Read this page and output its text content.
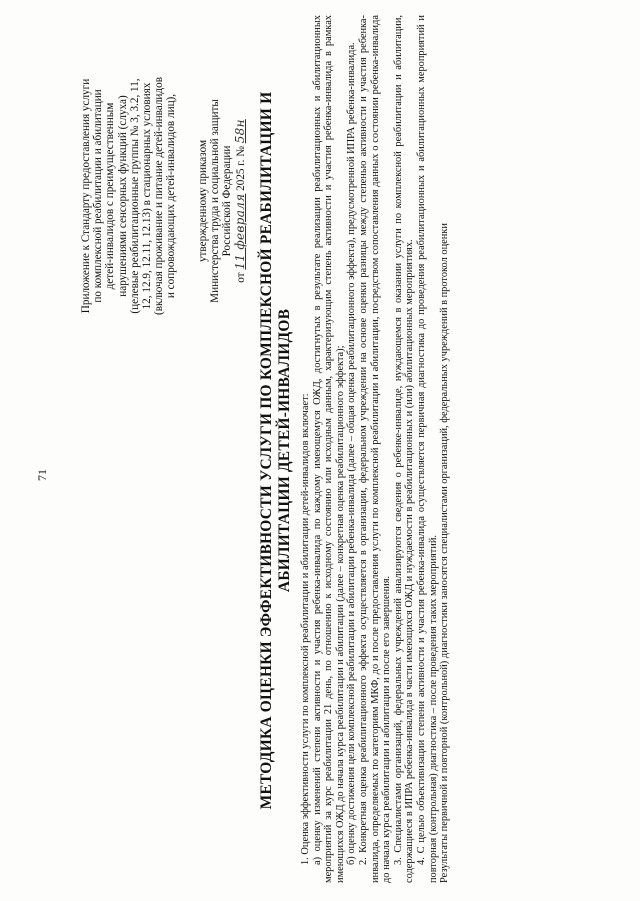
71
Приложение к Стандарту предоставления услуги по комплексной реабилитации и абилитации детей-инвалидов с преимущественным нарушениями сенсорных функций (слуха) (целевые реабилитационные группы № 3, 3.2, 11, 12, 12.9, 12.11, 12.13) в стационарных условиях (включая проживание и питание детей-инвалидов и сопровождающих детей-инвалидов лиц), утвержденному приказом Министерства труда и социальной защиты Российской Федерации
от 11 февраля 2025 г. № 58н МЕТОДИКА ОЦЕНКИ ЭФФЕКТИВНОСТИ УСЛУГИ ПО КОМПЛЕКСНОЙ РЕАБИЛИТАЦИИ И АБИЛИТАЦИИ ДЕТЕЙ-ИНВАЛИДОВ 1. Оценка эффективности услуги по комплексной реабилитации и абилитации детей-инвалидов включает: а) оценку изменений степени активности и участия ребенка-инвалида по каждому имеющемуся ОЖД, достигнутых в результате реализации реабилитационных и абилитационных мероприятий за курс реабилитации 21 день, по отношению к исходному состоянию или исходным данным, характеризующим степень активности и участия ребенка-инвалида в рамках имеющихся ОЖД до начала курса реабилитации и абилитации (далее – конкретная оценка реабилитационного эффекта); б) оценку достижения цели комплексной реабилитации и абилитации ребенка-инвалида (далее – общая оценка реабилитационного эффекта), предусмотренной ИПРА ребенка-инвалида. 2. Конкретная оценка реабилитационного эффекта осуществляется в организации, федеральном учреждении на основе оценки разницы между степенью активности и участия ребенка-инвалида, определяемых по категориям МКФ, до и после предоставления услуги по комплексной реабилитации и абилитации, посредством сопоставления данных о состоянии ребенка-инвалида до начала курса реабилитации и абилитации и после его завершения. 3. Специалистами организаций, федеральных учреждений анализируются сведения о ребенке-инвалиде, нуждающемся в оказании услуги по комплексной реабилитации и абилитации, содержащиеся в ИПРА ребенка-инвалида в части имеющихся ОЖД и нуждаемости в реабилитационных и (или) абилитационных мероприятиях. 4. С целью объективизации степени активности и участия ребенка-инвалида осуществляется первичная диагностика до проведения реабилитационных и абилитационных мероприятий и повторная (контрольная) диагностика – после проведения таких мероприятий. Результаты первичной и повторной (контрольной) диагностики заносятся специалистами организаций, федеральных учреждений в протокол оценки
